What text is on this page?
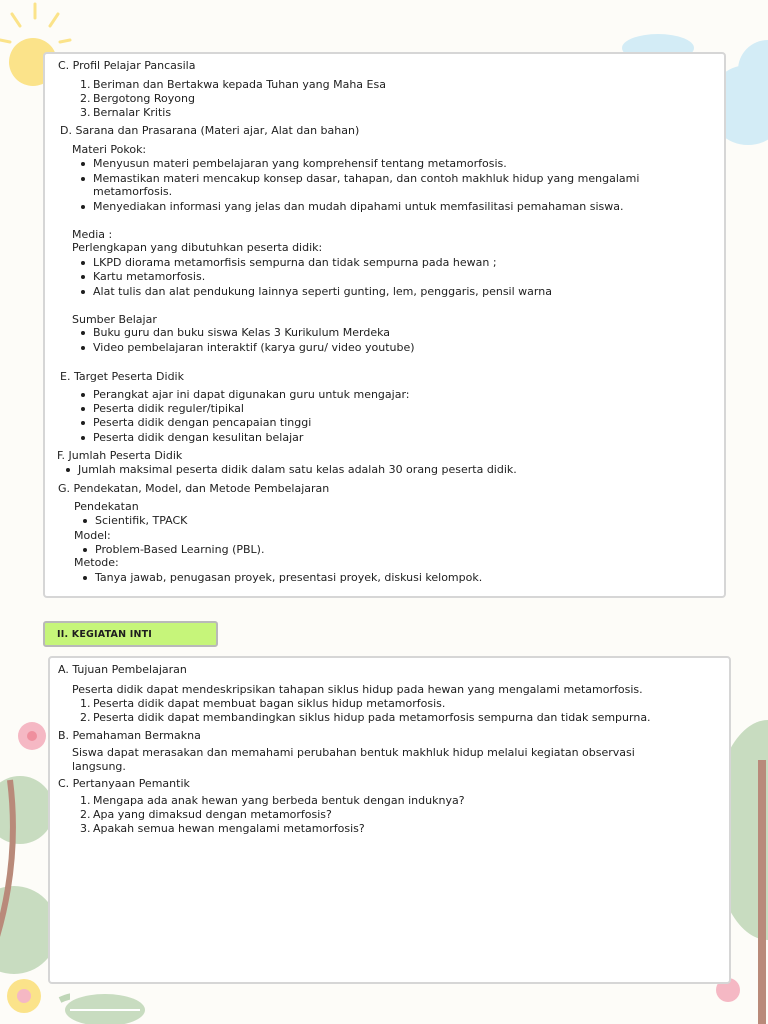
C. Profil Pelajar Pancasila

1. Beriman dan Bertakwa kepada Tuhan yang Maha Esa

2. Bergotong Royong

3. Bernalar Kritis

D. Sarana dan Prasarana (Materi ajar, Alat dan bahan)

Materi Pokok:

Menyusun materi pembelajaran yang komprehensif tentang metamorfosis.

Memastikan materi mencakup konsep dasar, tahapan, dan contoh makhluk hidup yang mengalami

metamorfosis.

Menyediakan informasi yang jelas dan mudah dipahami untuk memfasilitasi pemahaman siswa.

Media :

Perlengkapan yang dibutuhkan peserta didik:

LKPD diorama metamorfisis sempurna dan tidak sempurna pada hewan ;

Kartu metamorfosis.

Alat tulis dan alat pendukung lainnya seperti gunting, lem, penggaris, pensil warna

Sumber Belajar

Buku guru dan buku siswa Kelas 3 Kurikulum Merdeka

Video pembelajaran interaktif (karya guru/ video youtube)

E. Target Peserta Didik

Perangkat ajar ini dapat digunakan guru untuk mengajar:

Peserta didik reguler/tipikal

Peserta didik dengan pencapaian tinggi

Peserta didik dengan kesulitan belajar

F. Jumlah Peserta Didik

Jumlah maksimal peserta didik dalam satu kelas adalah 30 orang peserta didik.

G. Pendekatan, Model, dan Metode Pembelajaran

Pendekatan

Scientifik, TPACK

Model:

Problem-Based Learning (PBL).

Metode:

Tanya jawab, penugasan proyek, presentasi proyek, diskusi kelompok.

II. KEGIATAN INTI

A. Tujuan Pembelajaran

Peserta didik dapat mendeskripsikan tahapan siklus hidup pada hewan yang mengalami metamorfosis.

1. Peserta didik dapat membuat bagan siklus hidup metamorfosis.

2. Peserta didik dapat membandingkan siklus hidup pada metamorfosis sempurna dan tidak sempurna.

B. Pemahaman Bermakna

Siswa dapat merasakan dan memahami perubahan bentuk makhluk hidup melalui kegiatan observasi

langsung.

C. Pertanyaan Pemantik

1. Mengapa ada anak hewan yang berbeda bentuk dengan induknya?

2. Apa yang dimaksud dengan metamorfosis?

3. Apakah semua hewan mengalami metamorfosis?
